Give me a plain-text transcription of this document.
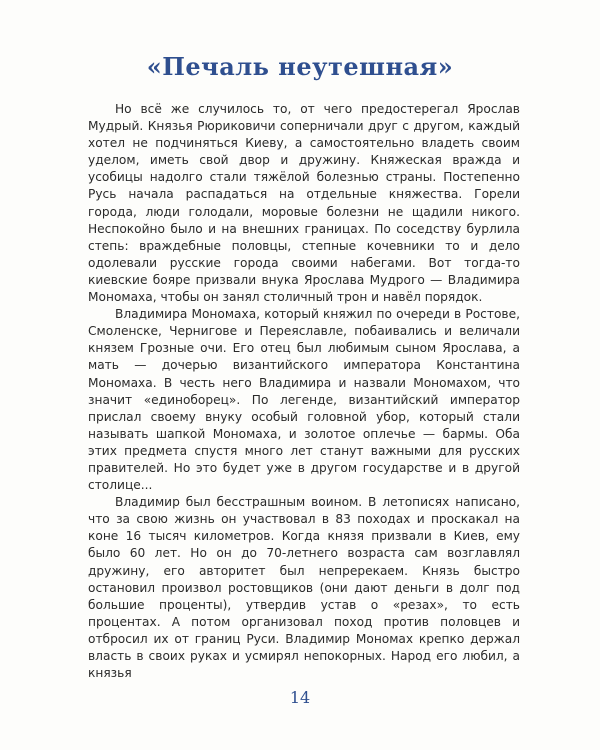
«Печаль неутешная»

Но всё же случилось то, от чего предостерегал Ярослав Мудрый. Князья Рюриковичи соперничали друг с другом, каждый хотел не подчиняться Киеву, а самостоятельно владеть своим уделом, иметь свой двор и дружину. Княжеская вражда и усобицы надолго стали тяжёлой болезнью страны. Постепенно Русь начала распадаться на отдельные княжества. Горели города, люди голодали, моровые болезни не щадили никого. Неспокойно было и на внешних границах. По соседству бурлила степь: враждебные половцы, степные кочевники то и дело одолевали русские города своими набегами. Вот тогда-то киевские бояре призвали внука Ярослава Мудрого — Владимира Мономаха, чтобы он занял столичный трон и навёл порядок.

Владимира Мономаха, который княжил по очереди в Ростове, Смоленске, Чернигове и Переяславле, побаивались и величали князем Грозные очи. Его отец был любимым сыном Ярослава, а мать — дочерью византийского императора Константина Мономаха. В честь него Владимира и назвали Мономахом, что значит «единоборец». По легенде, византийский император прислал своему внуку особый головной убор, который стали называть шапкой Мономаха, и золотое оплечье — бармы. Оба этих предмета спустя много лет станут важными для русских правителей. Но это будет уже в другом государстве и в другой столице...

Владимир был бесстрашным воином. В летописях написано, что за свою жизнь он участвовал в 83 походах и проскакал на коне 16 тысяч километров. Когда князя призвали в Киев, ему было 60 лет. Но он до 70-летнего возраста сам возглавлял дружину, его авторитет был непререкаем. Князь быстро остановил произвол ростовщиков (они дают деньги в долг под большие проценты), утвердив устав о «резах», то есть процентах. А потом организовал поход против половцев и отбросил их от границ Руси. Владимир Мономах крепко держал власть в своих руках и усмирял непокорных. Народ его любил, а князья

14
